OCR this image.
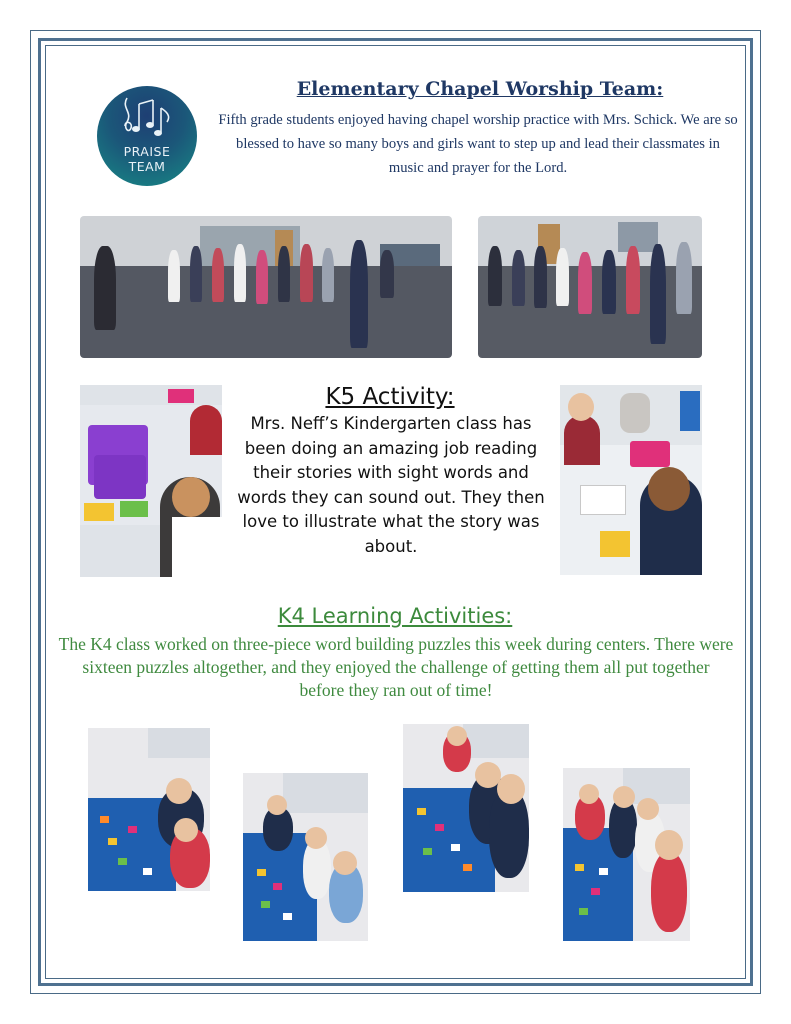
PRAISE
TEAM
Elementary Chapel Worship Team:
Fifth grade students enjoyed having chapel worship practice with Mrs. Schick. We are so blessed to have so many boys and girls want to step up and lead their classmates in music and prayer for the Lord.
K5 Activity:
Mrs. Neff’s Kindergarten class has been doing an amazing job reading their stories with sight words and words they can sound out. They then love to illustrate what the story was about.
K4 Learning Activities:
The K4 class worked on three-piece word building puzzles this week during centers. There were sixteen puzzles altogether, and they enjoyed the challenge of getting them all put together before they ran out of time!
